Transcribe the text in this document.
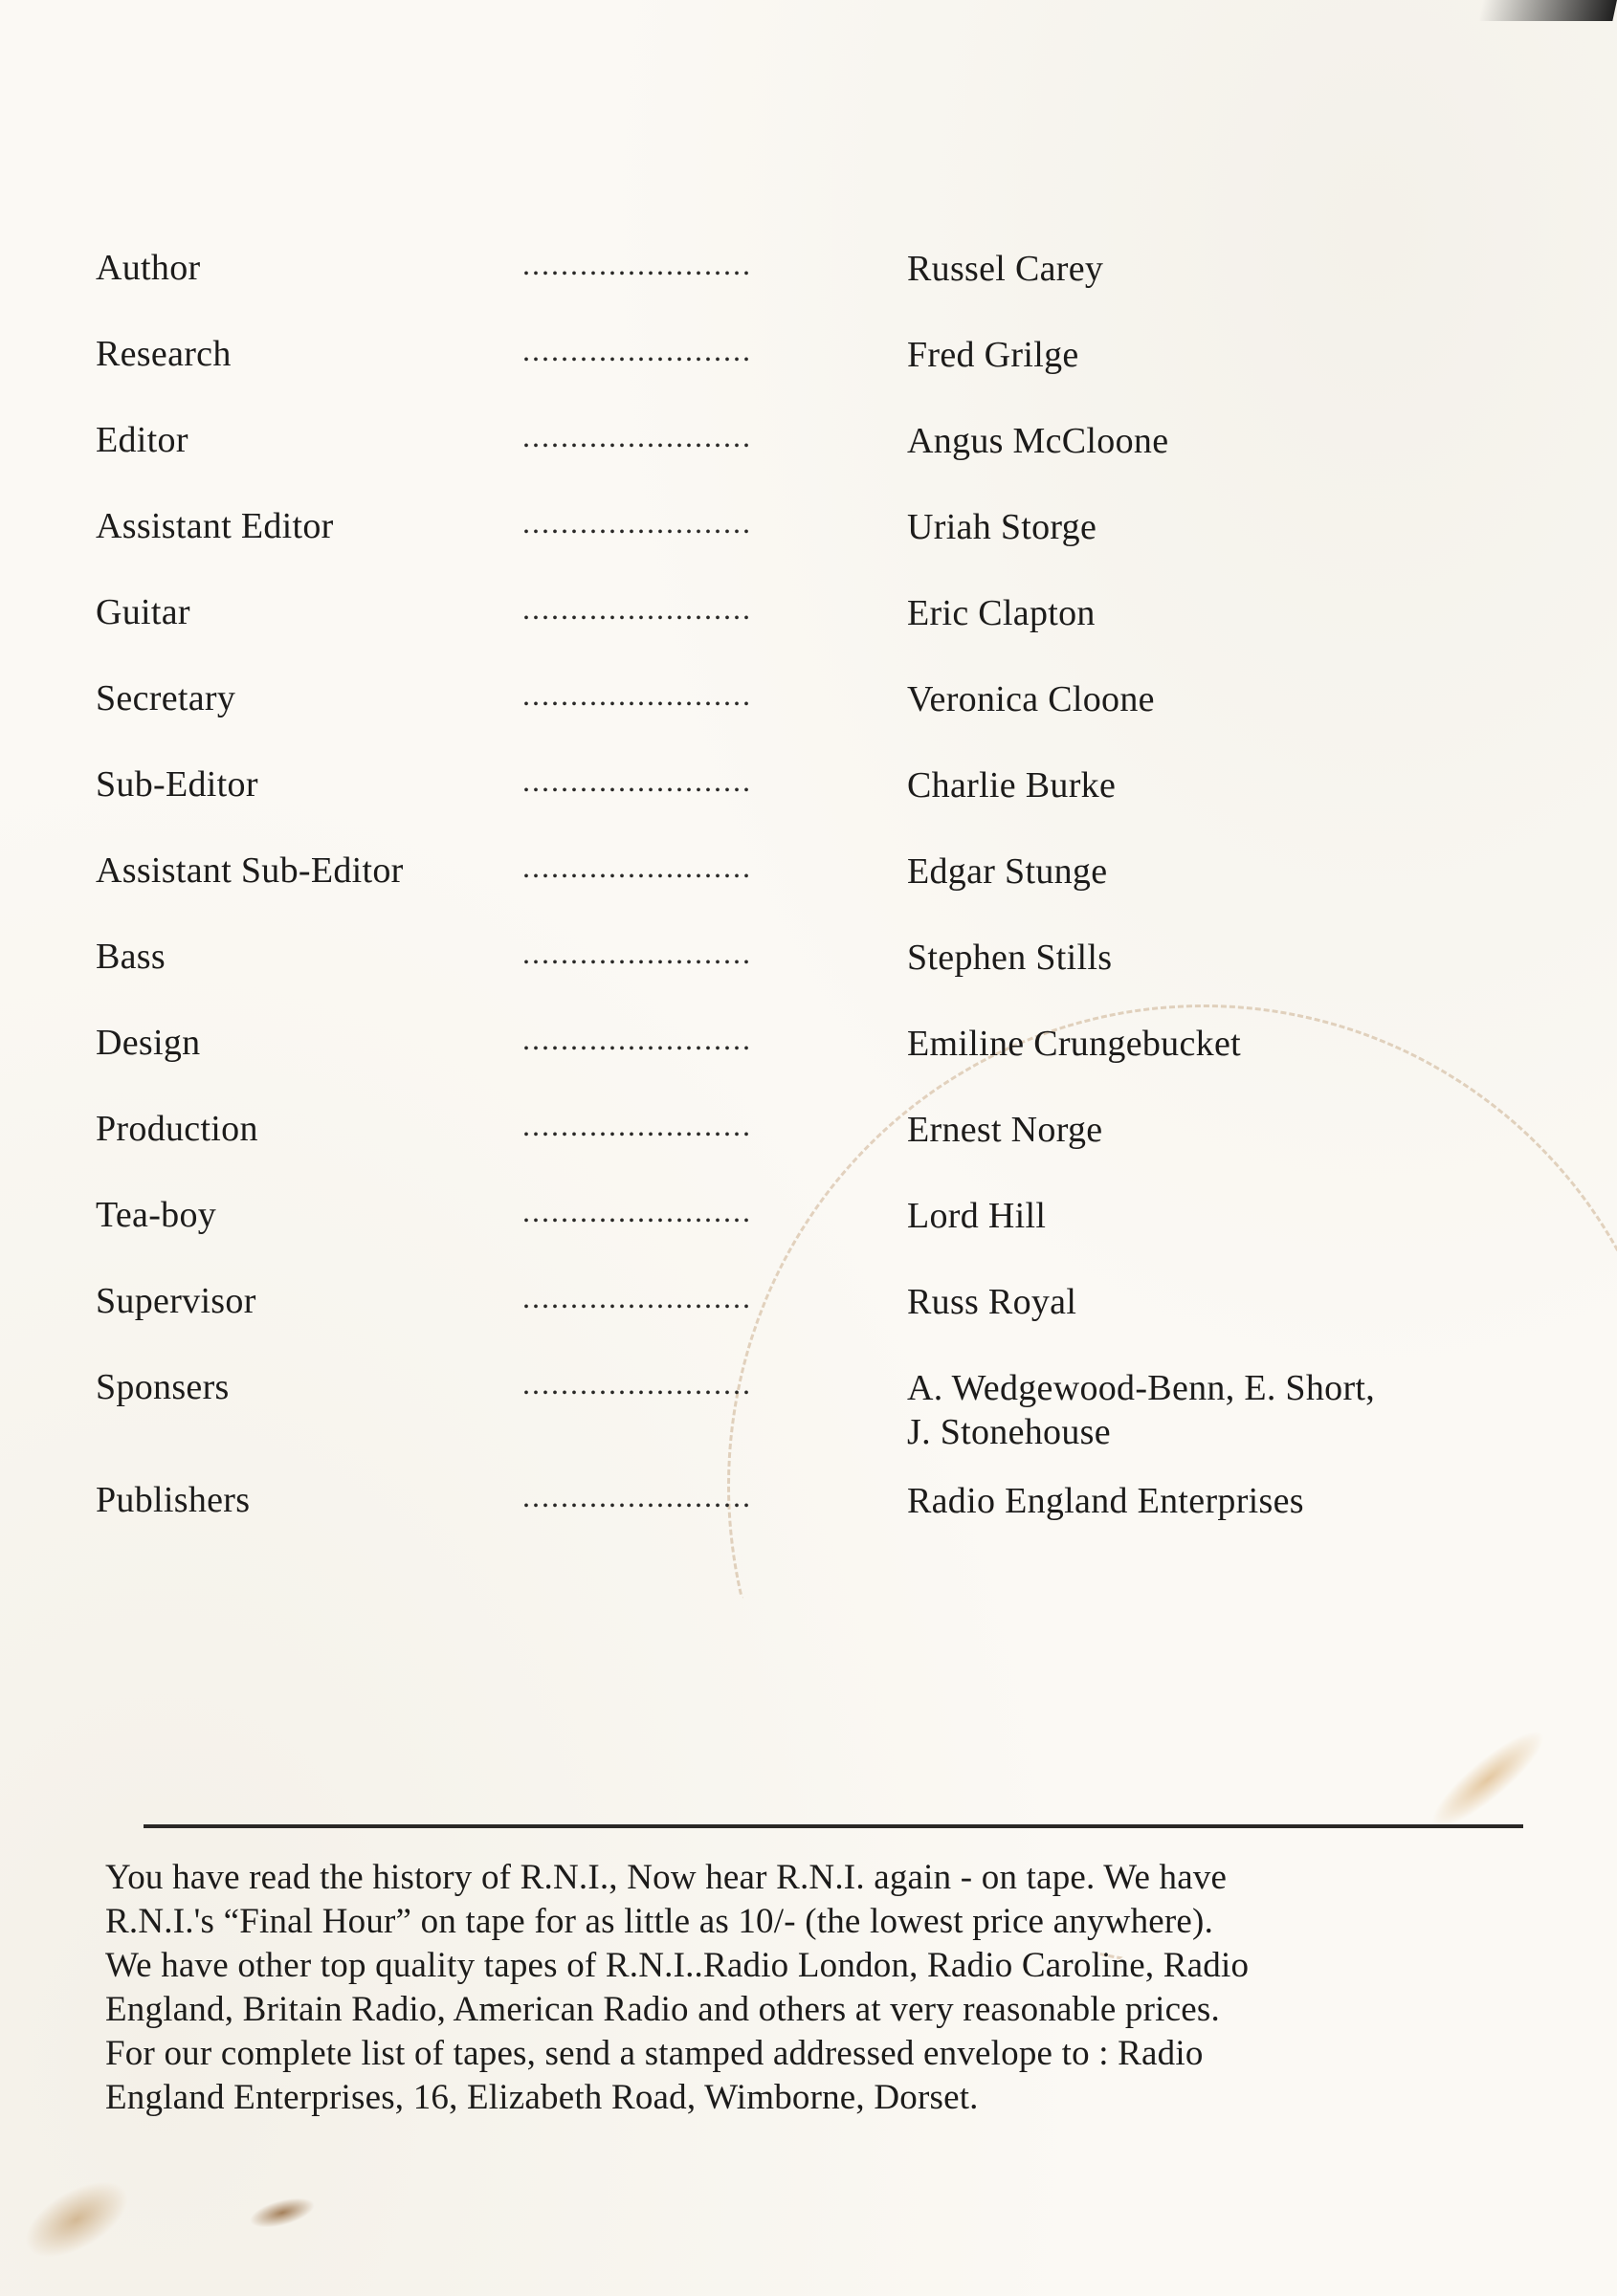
Author	........................	Russel Carey
Research	........................	Fred Grilge
Editor	........................	Angus McCloone
Assistant Editor	........................	Uriah Storge
Guitar	........................	Eric Clapton
Secretary	........................	Veronica Cloone
Sub-Editor	........................	Charlie Burke
Assistant Sub-Editor	........................	Edgar Stunge
Bass	........................	Stephen Stills
Design	........................	Emiline Crungebucket
Production	........................	Ernest Norge
Tea-boy	........................	Lord Hill
Supervisor	........................	Russ Royal
Sponsers	........................	A. Wedgewood-Benn, E. Short,
J. Stonehouse
Publishers	........................	Radio England Enterprises
You have read the history of R.N.I., Now hear R.N.I. again - on tape. We have
R.N.I.'s “Final Hour” on tape for as little as 10/- (the lowest price anywhere).
We have other top quality tapes of R.N.I..Radio London, Radio Caroline, Radio
England, Britain Radio, American Radio and others at very reasonable prices.
For our complete list of tapes, send a stamped addressed envelope to : Radio
England Enterprises, 16, Elizabeth Road, Wimborne, Dorset.
